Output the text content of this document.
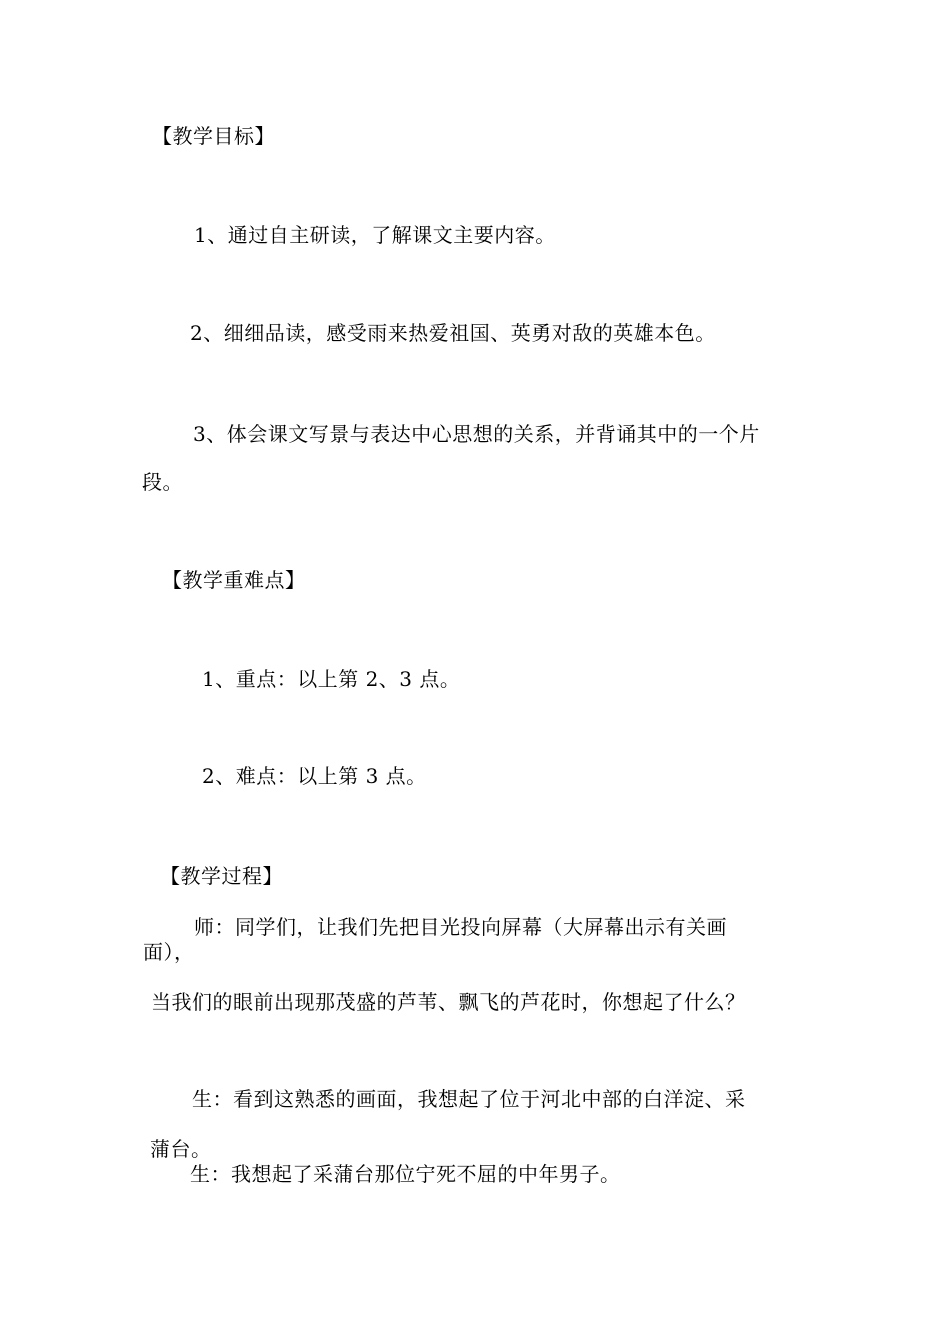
【教学目标】
1、通过自主研读，了解课文主要内容。
2、细细品读，感受雨来热爱祖国、英勇对敌的英雄本色。
3、体会课文写景与表达中心思想的关系，并背诵其中的一个片
段。
【教学重难点】
1、重点：以上第 2、3 点。
2、难点：以上第 3 点。
【教学过程】
师：同学们，让我们先把目光投向屏幕（大屏幕出示有关画
面），
当我们的眼前出现那茂盛的芦苇、飘飞的芦花时，你想起了什么？
生：看到这熟悉的画面，我想起了位于河北中部的白洋淀、采
蒲台。
生：我想起了采蒲台那位宁死不屈的中年男子。
